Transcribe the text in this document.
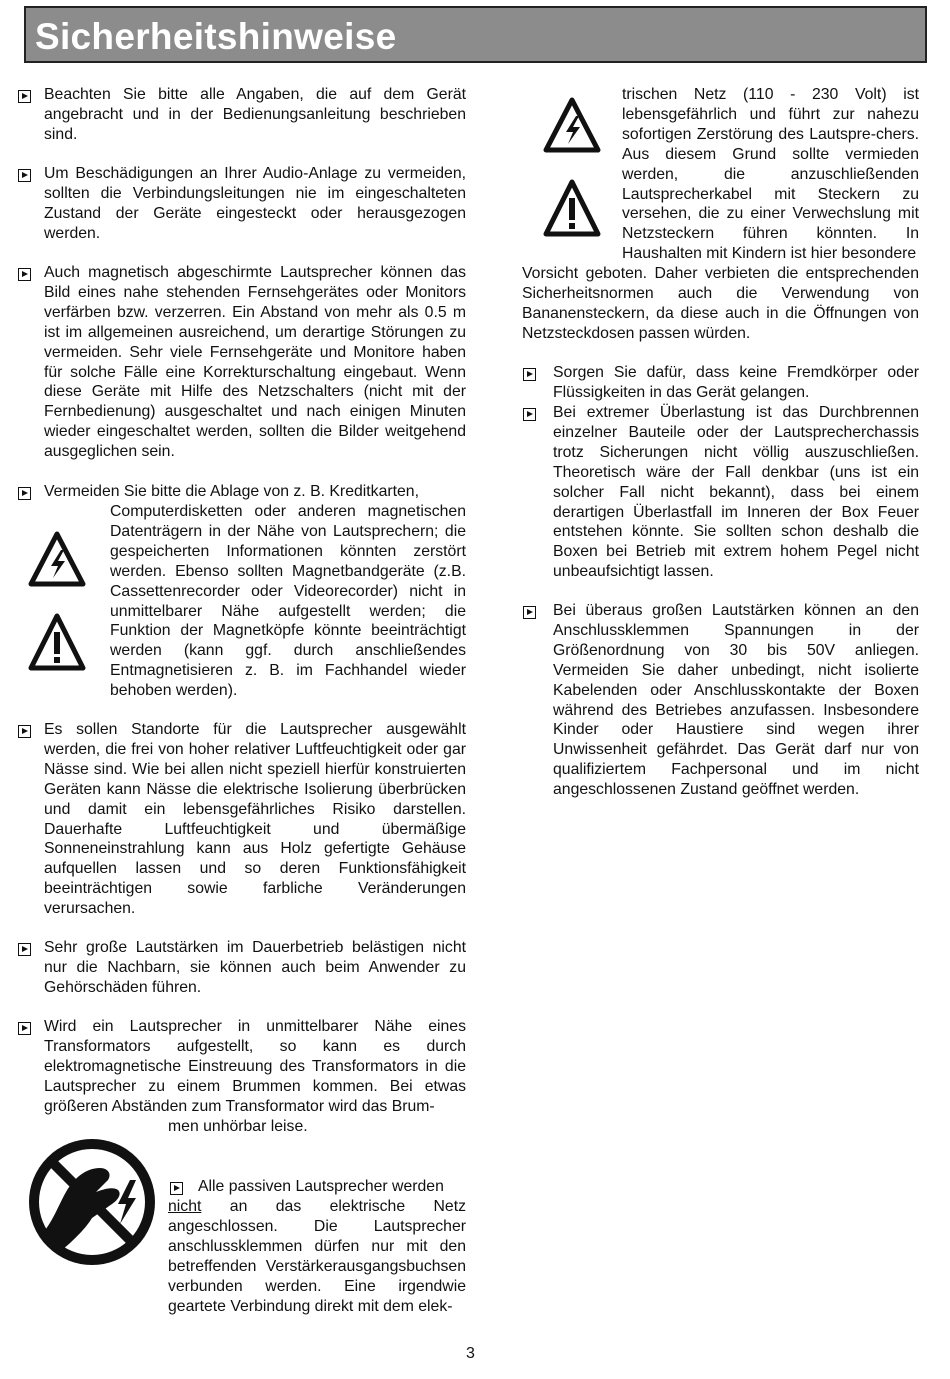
Sicherheitshinweise

Beachten Sie bitte alle Angaben, die auf dem Gerät angebracht und in der Bedienungsanleitung beschrieben sind.

Um Beschädigungen an Ihrer Audio-Anlage zu vermeiden, sollten die Verbindungsleitungen nie im eingeschalteten Zustand der Geräte eingesteckt oder herausgezogen werden.

Auch magnetisch abgeschirmte Lautsprecher können das Bild eines nahe stehenden Fernsehgerätes oder Monitors verfärben bzw. verzerren. Ein Abstand von mehr als 0.5 m ist im allgemeinen ausreichend, um derartige Störungen zu vermeiden. Sehr viele Fernsehgeräte und Monitore haben für solche Fälle eine Korrekturschaltung eingebaut. Wenn diese Geräte mit Hilfe des Netzschalters (nicht mit der Fernbedienung) ausgeschaltet und nach einigen Minuten wieder eingeschaltet werden, sollten die Bilder weitgehend ausgeglichen sein.

Vermeiden Sie bitte die Ablage von z. B. Kreditkarten,

Computerdisketten oder anderen magnetischen Datenträgern in der Nähe von Lautsprechern; die gespeicherten Informationen könnten zerstört werden. Ebenso sollten Magnetbandgeräte (z.B. Cassettenrecorder oder Videorecorder) nicht in unmittelbarer Nähe aufgestellt werden; die Funktion der Magnetköpfe könnte beeinträchtigt werden (kann ggf. durch anschließendes Entmagnetisieren z. B. im Fachhandel wieder behoben werden).

Es sollen Standorte für die Lautsprecher ausgewählt werden, die frei von hoher relativer Luftfeuchtigkeit oder gar Nässe sind. Wie bei allen nicht speziell hierfür konstruierten Geräten kann Nässe die elektrische Isolierung überbrücken und damit ein lebensgefährliches Risiko darstellen. Dauerhafte Luftfeuchtigkeit und übermäßige Sonneneinstrahlung kann aus Holz gefertigte Gehäuse aufquellen lassen und so deren Funktionsfähigkeit beeinträchtigen sowie farbliche Veränderungen verursachen.

Sehr große Lautstärken im Dauerbetrieb belästigen nicht nur die Nachbarn, sie können auch beim Anwender zu Gehörschäden führen.

Wird ein Lautsprecher in unmittelbarer Nähe eines Transformators aufgestellt, so kann es durch elektromagnetische Einstreuung des Transformators in die Lautsprecher zu einem Brummen kommen. Bei etwas größeren Abständen zum Transformator wird das Brum-

men unhörbar leise.

Alle passiven Lautsprecher werden

nicht an das elektrische Netz angeschlossen. Die Lautsprecher anschlussklemmen dürfen nur mit den betreffenden Verstärkerausgangsbuchsen verbunden werden. Eine irgendwie geartete Verbindung direkt mit dem elek-

trischen Netz (110 - 230 Volt) ist lebensgefährlich und führt zur nahezu sofortigen Zerstörung des Lautspre-chers. Aus diesem Grund sollte vermieden werden, die anzuschließenden Lautsprecherkabel mit Steckern zu versehen, die zu einer Verwechslung mit Netzsteckern führen könnten. In Haushalten mit Kindern ist hier besondere

Vorsicht geboten. Daher verbieten die entsprechenden Sicherheitsnormen auch die Verwendung von Bananensteckern, da diese auch in die Öffnungen von Netzsteckdosen passen würden.

Sorgen Sie dafür, dass keine Fremdkörper oder Flüssigkeiten in das Gerät gelangen.

Bei extremer Überlastung ist das Durchbrennen einzelner Bauteile oder der Lautsprecherchassis trotz Sicherungen nicht völlig auszuschließen. Theoretisch wäre der Fall denkbar (uns ist ein solcher Fall nicht bekannt), dass bei einem derartigen Überlastfall im Inneren der Box Feuer entstehen könnte. Sie sollten schon deshalb die Boxen bei Betrieb mit extrem hohem Pegel nicht unbeaufsichtigt lassen.

Bei überaus großen Lautstärken können an den Anschlussklemmen Spannungen in der Größenordnung von 30 bis 50V anliegen. Vermeiden Sie daher unbedingt, nicht isolierte Kabelenden oder Anschlusskontakte der Boxen während des Betriebes anzufassen. Insbesondere Kinder oder Haustiere sind wegen ihrer Unwissenheit gefährdet. Das Gerät darf nur von qualifiziertem Fachpersonal und im nicht angeschlossenen Zustand geöffnet werden.

3
